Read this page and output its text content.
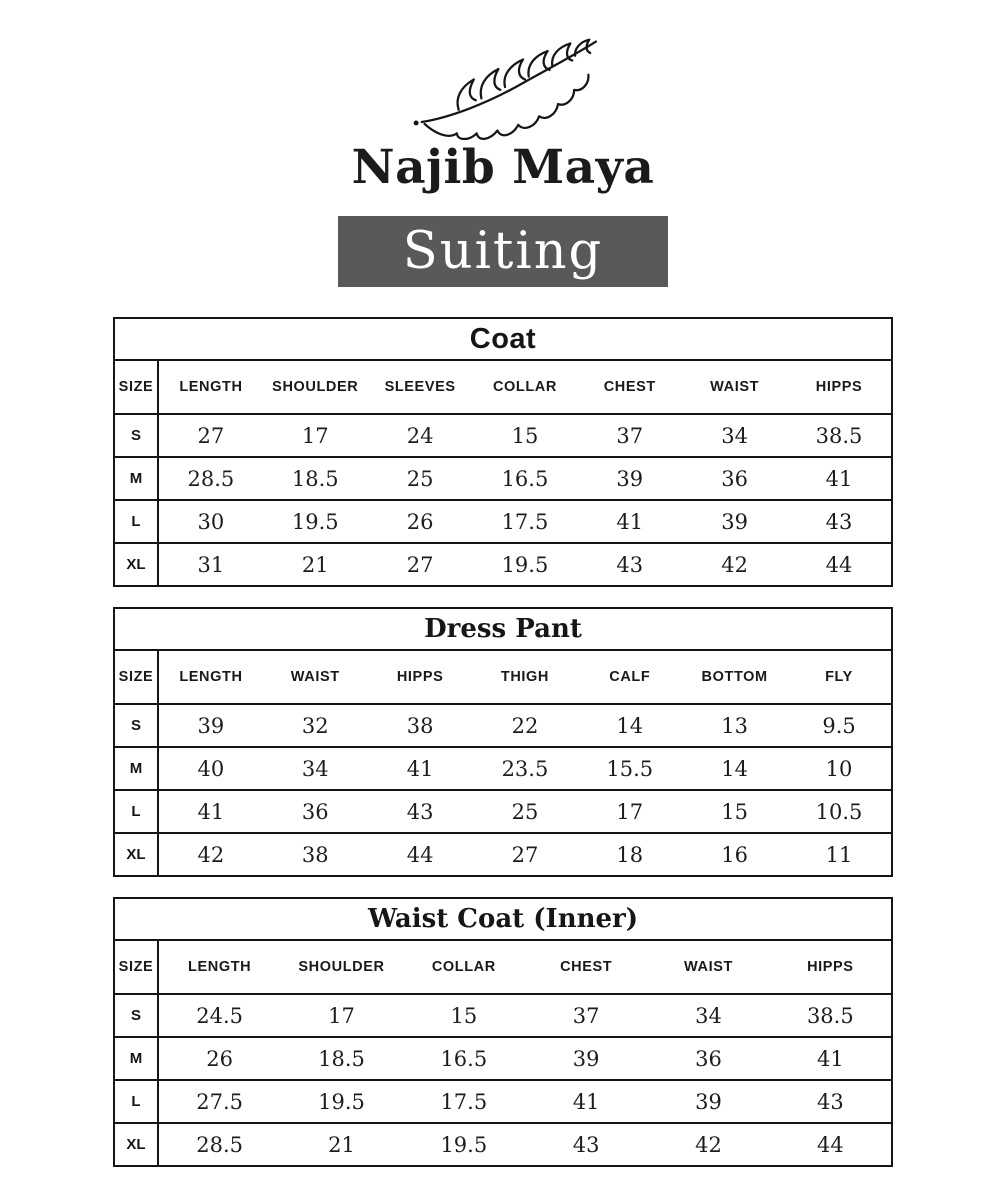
Najib Maya
Suiting
Coat							
SIZE	LENGTH	SHOULDER	SLEEVES	COLLAR	CHEST	WAIST	HIPPS
S	27	17	24	15	37	34	38.5
M	28.5	18.5	25	16.5	39	36	41
L	30	19.5	26	17.5	41	39	43
XL	31	21	27	19.5	43	42	44
Dress Pant							
SIZE	LENGTH	WAIST	HIPPS	THIGH	CALF	BOTTOM	FLY
S	39	32	38	22	14	13	9.5
M	40	34	41	23.5	15.5	14	10
L	41	36	43	25	17	15	10.5
XL	42	38	44	27	18	16	11
Waist Coat (Inner)						
SIZE	LENGTH	SHOULDER	COLLAR	CHEST	WAIST	HIPPS
S	24.5	17	15	37	34	38.5
M	26	18.5	16.5	39	36	41
L	27.5	19.5	17.5	41	39	43
XL	28.5	21	19.5	43	42	44
